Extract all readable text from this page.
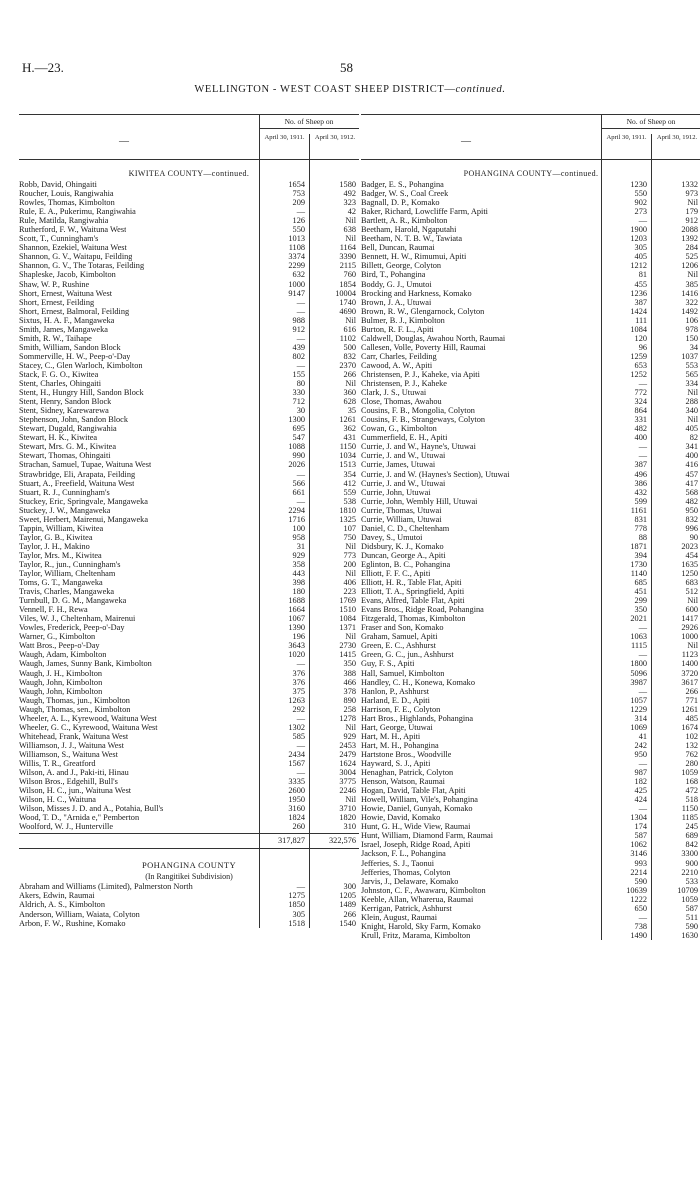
H.—23.	58
WELLINGTON - WEST COAST SHEEP DISTRICT—continued.
—
No. of Sheep on
April 30, 1911.	April 30, 1912.
KIWITEA COUNTY—continued.
Robb, David, Ohingaiti	1654	1580
Roucher, Louis, Rangiwahia	753	492
Rowles, Thomas, Kimbolton	209	323
Rule, E. A., Pukerimu, Rangiwahia	—	42
Rule, Matilda, Rangiwahia	126	Nil
Rutherford, F. W., Waituna West	550	638
Scott, T., Cunningham's	1013	Nil
Shannon, Ezekiel, Waituna West	1108	1164
Shannon, G. V., Waitapu, Feilding	3374	3390
Shannon, G. V., The Totaras, Feilding	2299	2115
Shapleske, Jacob, Kimbolton	632	760
Shaw, W. P., Rushine	1000	1854
Short, Ernest, Waituna West	9147	10004
Short, Ernest, Feilding	—	1740
Short, Ernest, Balmoral, Feilding	—	4690
Sixtus, H. A. F., Mangaweka	988	Nil
Smith, James, Mangaweka	912	616
Smith, R. W., Taihape	—	1102
Smith, William, Sandon Block	439	500
Sommerville, H. W., Peep-o'-Day	802	832
Stacey, C., Glen Warloch, Kimbolton	—	2370
Stack, F. G. O., Kiwitea	155	266
Stent, Charles, Ohingaiti	80	Nil
Stent, H., Hungry Hill, Sandon Block	330	360
Stent, Henry, Sandon Block	712	628
Stent, Sidney, Karewarewa	30	35
Stephenson, John, Sandon Block	1300	1261
Stewart, Dugald, Rangiwahia	695	362
Stewart, H. K., Kiwitea	547	431
Stewart, Mrs. G. M., Kiwitea	1088	1150
Stewart, Thomas, Ohingaiti	990	1034
Strachan, Samuel, Tupae, Waituna West	2026	1513
Strawbridge, Eli, Arapata, Feilding	—	354
Stuart, A., Freefield, Waituna West	566	412
Stuart, R. J., Cunningham's	661	559
Stuckey, Eric, Springvale, Mangaweka	—	538
Stuckey, J. W., Mangaweka	2294	1810
Sweet, Herbert, Mairenui, Mangaweka	1716	1325
Tappin, William, Kiwitea	100	107
Taylor, G. B., Kiwitea	958	750
Taylor, J. H., Makino	31	Nil
Taylor, Mrs. M., Kiwitea	929	773
Taylor, R., jun., Cunningham's	358	200
Taylor, William, Cheltenham	443	Nil
Toms, G. T., Mangaweka	398	406
Travis, Charles, Mangaweka	180	223
Turnbull, D. G. M., Mangaweka	1688	1769
Vennell, F. H., Rewa	1664	1510
Viles, W. J., Cheltenham, Mairenui	1067	1084
Vowles, Frederick, Peep-o'-Day	1390	1371
Warner, G., Kimbolton	196	Nil
Watt Bros., Peep-o'-Day	3643	2730
Waugh, Adam, Kimbolton	1020	1415
Waugh, James, Sunny Bank, Kimbolton	—	350
Waugh, J. H., Kimbolton	376	388
Waugh, John, Kimbolton	376	466
Waugh, John, Kimbolton	375	378
Waugh, Thomas, jun., Kimbolton	1263	890
Waugh, Thomas, sen., Kimbolton	292	258
Wheeler, A. L., Kyrewood, Waituna West	—	1278
Wheeler, G. C., Kyrewood, Waituna West	1302	Nil
Whitehead, Frank, Waituna West	585	929
Williamson, J. J., Waituna West	—	2453
Williamson, S., Waituna West	2434	2479
Willis, T. R., Greatford	1567	1624
Wilson, A. and J., Paki-iti, Hinau	—	3004
Wilson Bros., Edgehill, Bull's	3335	3775
Wilson, H. C., jun., Waituna West	2600	2246
Wilson, H. C., Waituna	1950	Nil
Wilson, Misses J. D. and A., Potahia, Bull's	3160	3710
Wood, T. D., "Arnida e," Pemberton	1824	1820
Woolford, W. J., Hunterville	260	310
317,827	322,576
POHANGINA COUNTY
(In Rangitikei Subdivision)
Abraham and Williams (Limited), Palmerston North	—	300
Akers, Edwin, Raumai	1275	1205
Aldrich, A. S., Kimbolton	1850	1489
Anderson, William, Waiata, Colyton	305	266
Arbon, F. W., Rushine, Komako	1518	1540
—
No. of Sheep on
April 30, 1911.	April 30, 1912.
POHANGINA COUNTY—continued.
Badger, E. S., Pohangina	1230	1332
Badger, W. S., Coal Creek	550	973
Bagnall, D. P., Komako	902	Nil
Baker, Richard, Lowcliffe Farm, Apiti	273	179
Bartlett, A. R., Kimbolton	—	912
Beetham, Harold, Ngaputahi	1900	2088
Beetham, N. T. B. W., Tawiata	1203	1392
Bell, Duncan, Raumai	305	284
Bennett, H. W., Rimumui, Apiti	405	525
Billett, George, Colyton	1212	1206
Bird, T., Pohangina	81	Nil
Boddy, G. J., Umutoi	455	385
Brocking and Harkness, Komako	1236	1416
Brown, J. A., Utuwai	387	322
Brown, R. W., Glengarnock, Colyton	1424	1492
Bulmer, B. J., Kimbolton	111	106
Burton, R. F. L., Apiti	1084	978
Caldwell, Douglas, Awahou North, Raumai	120	150
Callesen, Volle, Poverty Hill, Raumai	96	34
Carr, Charles, Feilding	1259	1037
Cawood, A. W., Apiti	653	553
Christensen, P. J., Kaheke, via Apiti	1252	565
Christensen, P. J., Kaheke	—	334
Clark, J. S., Utuwai	772	Nil
Close, Thomas, Awahou	324	288
Cousins, F. B., Mongolia, Colyton	864	340
Cousins, F. B., Strangeways, Colyton	331	Nil
Cowan, G., Kimbolton	482	405
Cummerfield, E. H., Apiti	400	82
Currie, J. and W., Hayne's, Utuwai	—	341
Currie, J. and W., Utuwai	—	400
Currie, James, Utuwai	387	416
Currie, J. and W. (Haynes's Section), Utuwai	496	457
Currie, J. and W., Utuwai	386	417
Currie, John, Utuwai	432	568
Currie, John, Wembly Hill, Utuwai	599	482
Currie, Thomas, Utuwai	1161	950
Currie, William, Utuwai	831	832
Daniel, C. D., Cheltenham	778	996
Davey, S., Umutoi	88	90
Didsbury, K. J., Komako	1871	2023
Duncan, George A., Apiti	394	454
Eglinton, B. C., Pohangina	1730	1635
Elliott, F. F. C., Apiti	1140	1250
Elliott, H. R., Table Flat, Apiti	685	683
Elliott, T. A., Springfield, Apiti	451	512
Evans, Alfred, Table Flat, Apiti	299	Nil
Evans Bros., Ridge Road, Pohangina	350	600
Fitzgerald, Thomas, Kimbolton	2021	1417
Fraser and Son, Komako	—	2926
Graham, Samuel, Apiti	1063	1000
Green, E. C., Ashhurst	1115	Nil
Green, G. C., jun., Ashhurst	—	1123
Guy, F. S., Apiti	1800	1400
Hall, Samuel, Kimbolton	5096	3720
Handley, C. H., Konewa, Komako	3987	3617
Hanlon, P., Ashhurst	—	266
Harland, E. D., Apiti	1057	771
Harrison, F. E., Colyton	1229	1261
Hart Bros., Highlands, Pohangina	314	485
Hart, George, Utuwai	1069	1674
Hart, M. H., Apiti	41	102
Hart, M. H., Pohangina	242	132
Hartstone Bros., Woodville	950	762
Hayward, S. J., Apiti	—	280
Henaghan, Patrick, Colyton	987	1059
Henson, Watson, Raumai	182	168
Hogan, David, Table Flat, Apiti	425	472
Howell, William, Vile's, Pohangina	424	518
Howie, Daniel, Gunyah, Komako	—	1150
Howie, David, Komako	1304	1185
Hunt, G. H., Wide View, Raumai	174	245
Hunt, William, Diamond Farm, Raumai	587	689
Israel, Joseph, Ridge Road, Apiti	1062	842
Jackson, F. L., Pohangina	3146	3300
Jefferies, S. J., Taonui	993	900
Jefferies, Thomas, Colyton	2214	2210
Jarvis, J., Delaware, Komako	590	533
Johnston, C. F., Awawaru, Kimbolton	10639	10709
Keeble, Allan, Wharerua, Raumai	1222	1059
Kerrigan, Patrick, Ashhurst	650	587
Klein, August, Raumai	—	511
Knight, Harold, Sky Farm, Komako	738	590
Krull, Fritz, Marama, Kimbolton	1490	1630
